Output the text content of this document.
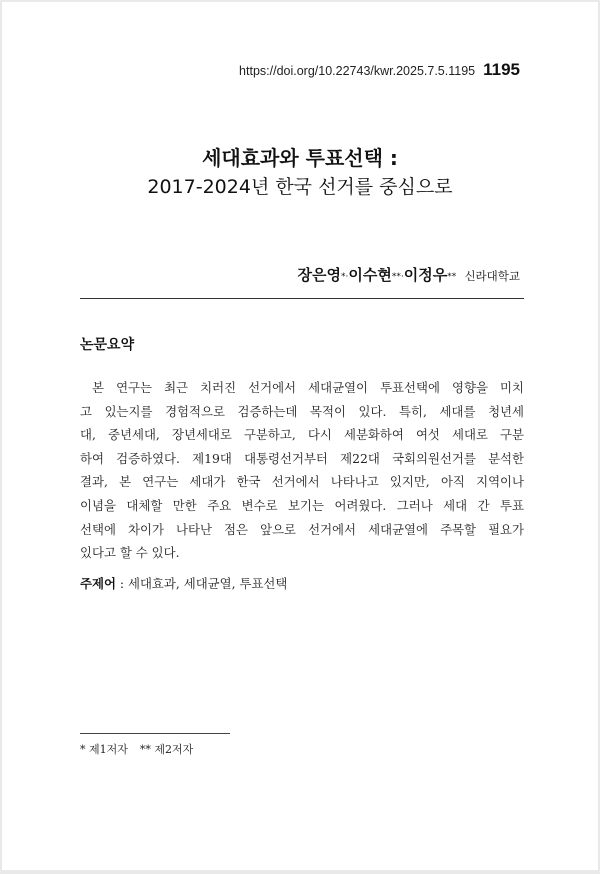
https://doi.org/10.22743/kwr.2025.7.5.1195 1195
세대효과와 투표선택 :
2017-2024년 한국 선거를 중심으로
장은영*·이수현**·이정우** 신라대학교
논문요약
본 연구는 최근 치러진 선거에서 세대균열이 투표선택에 영향을 미치
고 있는지를 경험적으로 검증하는데 목적이 있다. 특히, 세대를 청년세
대, 중년세대, 장년세대로 구분하고, 다시 세분화하여 여섯 세대로 구분
하여 검증하였다. 제19대 대통령선거부터 제22대 국회의원선거를 분석한
결과, 본 연구는 세대가 한국 선거에서 나타나고 있지만, 아직 지역이나
이념을 대체할 만한 주요 변수로 보기는 어려웠다. 그러나 세대 간 투표
선택에 차이가 나타난 점은 앞으로 선거에서 세대균열에 주목할 필요가
있다고 할 수 있다.
주제어 : 세대효과, 세대균열, 투표선택
* 제1저자 ** 제2저자
